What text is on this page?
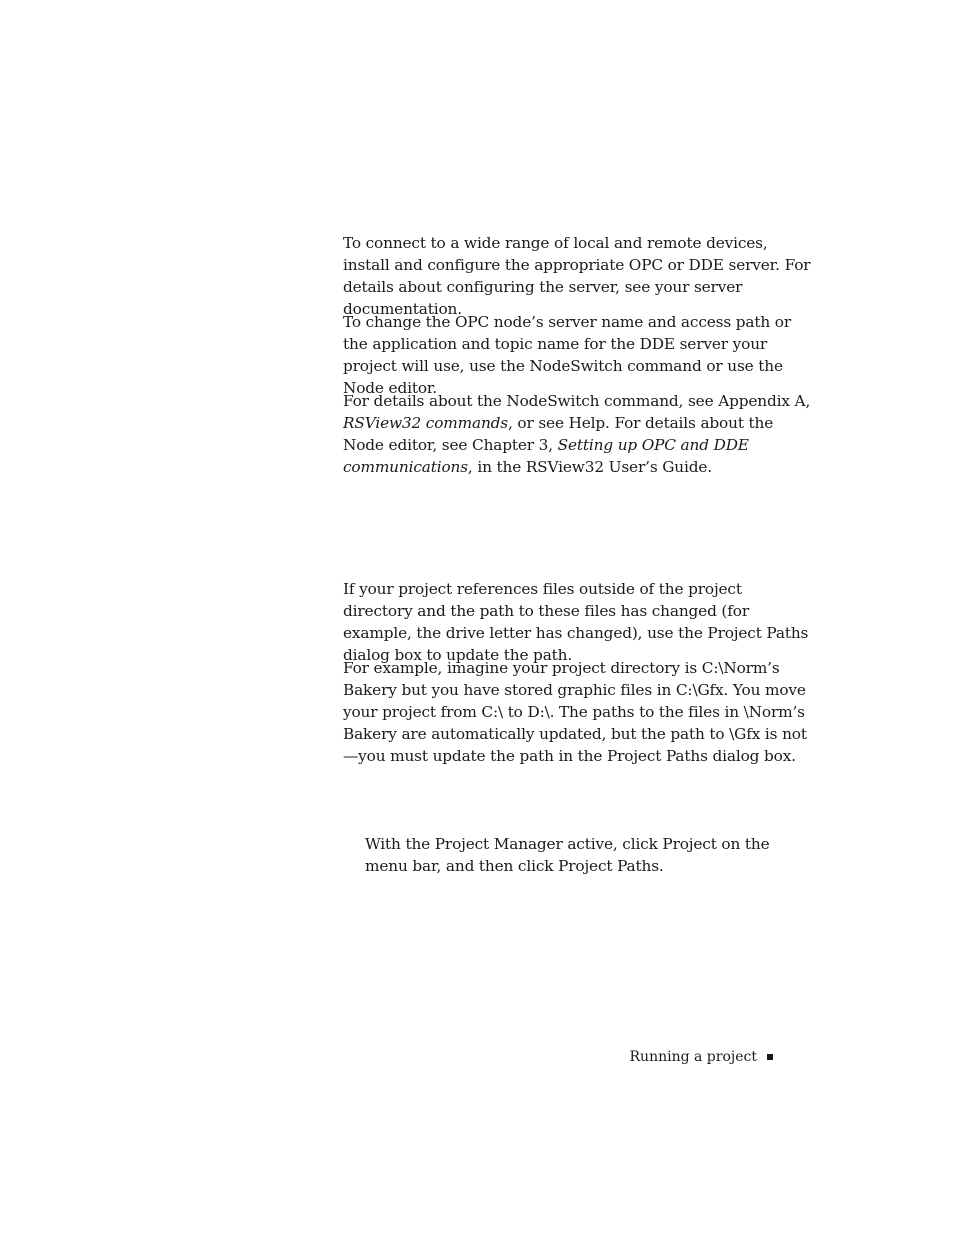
To connect to a wide range of local and remote devices, install and configure the appropriate OPC or DDE server. For details about configuring the server, see your server documentation.

To change the OPC node’s server name and access path or the application and topic name for the DDE server your project will use, use the NodeSwitch command or use the Node editor.

For details about the NodeSwitch command, see Appendix A, RSView32 commands, or see Help. For details about the Node editor, see Chapter 3, Setting up OPC and DDE communications, in the RSView32 User’s Guide.

If your project references files outside of the project directory and the path to these files has changed (for example, the drive letter has changed), use the Project Paths dialog box to update the path.

For example, imagine your project directory is C:\Norm’s Bakery but you have stored graphic files in C:\Gfx. You move your project from C:\ to D:\. The paths to the files in \Norm’s Bakery are automatically updated, but the path to \Gfx is not—you must update the path in the Project Paths dialog box.

With the Project Manager active, click Project on the menu bar, and then click Project Paths.

Running a project
